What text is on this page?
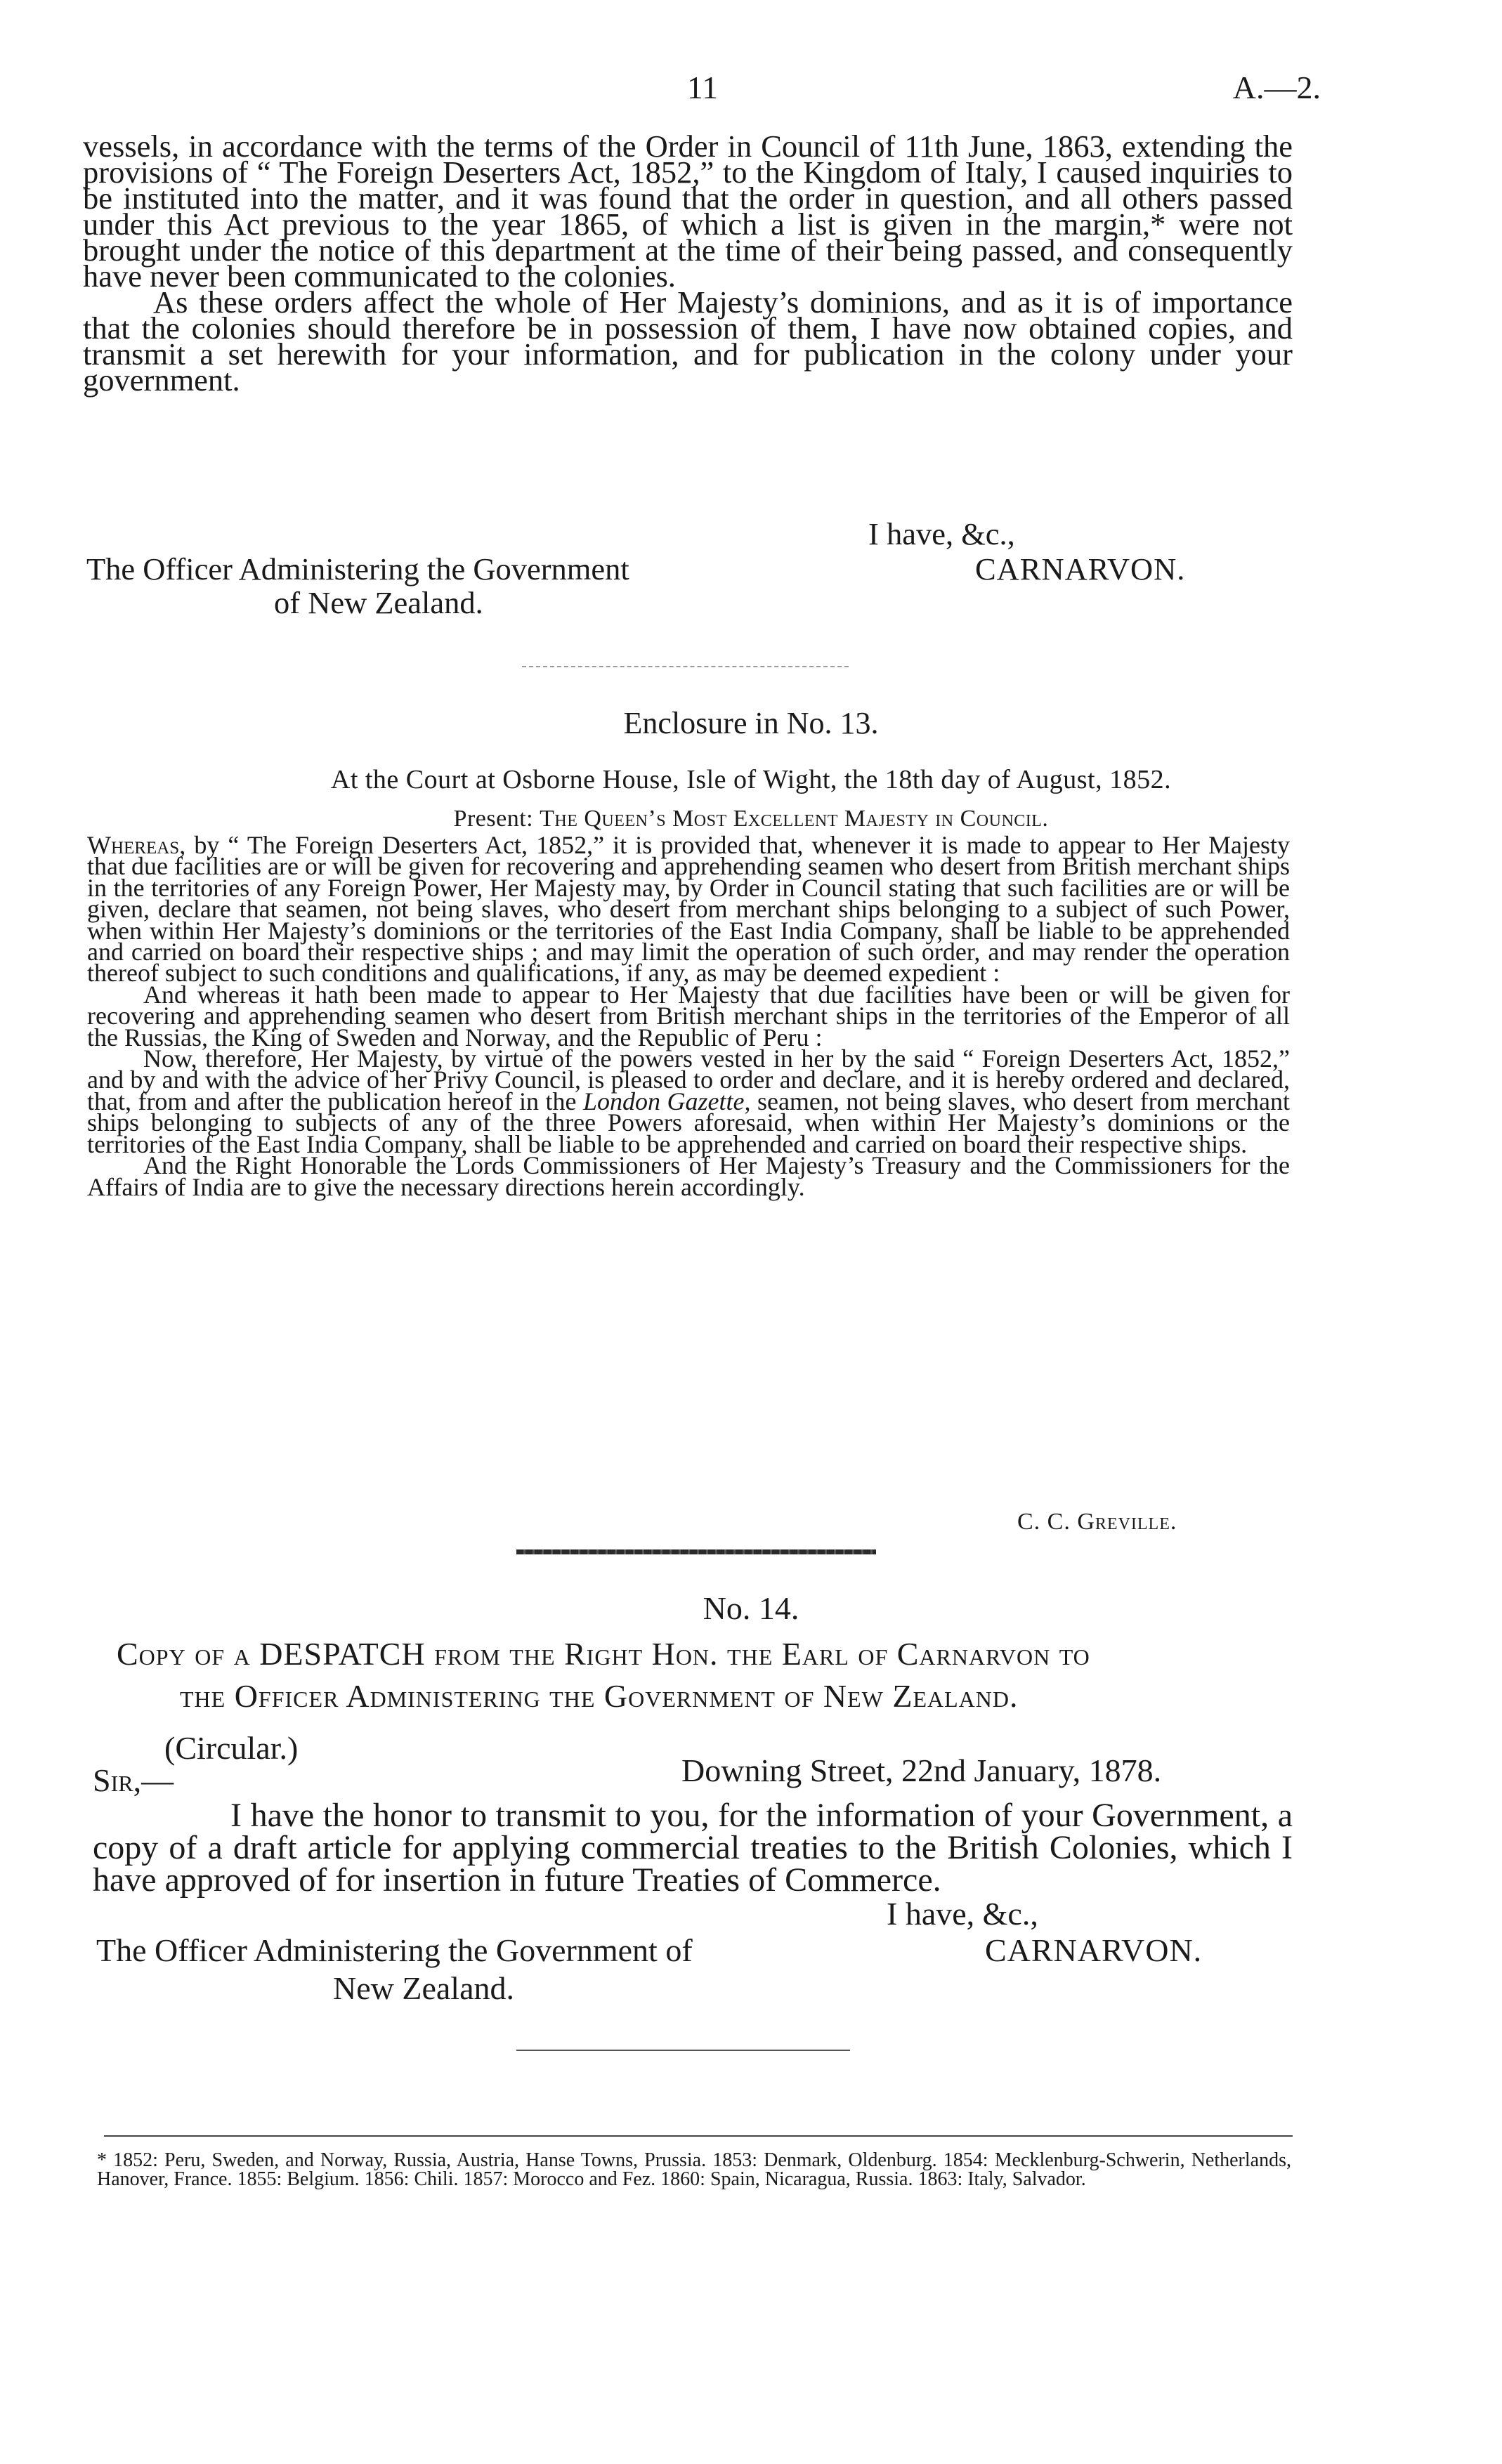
11	A.—2.

vessels, in accordance with the terms of the Order in Council of 11th June, 1863, extending the provisions of “ The Foreign Deserters Act, 1852,” to the Kingdom of Italy, I caused inquiries to be instituted into the matter, and it was found that the order in question, and all others passed under this Act previous to the year 1865, of which a list is given in the margin,* were not brought under the notice of this department at the time of their being passed, and consequently have never been communicated to the colonies.

As these orders affect the whole of Her Majesty’s dominions, and as it is of importance that the colonies should therefore be in possession of them, I have now obtained copies, and transmit a set herewith for your information, and for publication in the colony under your government.

I have, &c.,
The Officer Administering the Government	CARNARVON.
of New Zealand.
Enclosure in No. 13.
At the Court at Osborne House, Isle of Wight, the 18th day of August, 1852.
Present: The Queen’s Most Excellent Majesty in Council.

Whereas, by “ The Foreign Deserters Act, 1852,” it is provided that, whenever it is made to appear to Her Majesty that due facilities are or will be given for recovering and apprehending seamen who desert from British merchant ships in the territories of any Foreign Power, Her Majesty may, by Order in Council stating that such facilities are or will be given, declare that seamen, not being slaves, who desert from merchant ships belonging to a subject of such Power, when within Her Majesty’s dominions or the territories of the East India Company, shall be liable to be apprehended and carried on board their respective ships ; and may limit the operation of such order, and may render the operation thereof subject to such conditions and qualifications, if any, as may be deemed expedient :

And whereas it hath been made to appear to Her Majesty that due facilities have been or will be given for recovering and apprehending seamen who desert from British merchant ships in the territories of the Emperor of all the Russias, the King of Sweden and Norway, and the Republic of Peru :

Now, therefore, Her Majesty, by virtue of the powers vested in her by the said “ Foreign Deserters Act, 1852,” and by and with the advice of her Privy Council, is pleased to order and declare, and it is hereby ordered and declared, that, from and after the publication hereof in the London Gazette, seamen, not being slaves, who desert from merchant ships belonging to subjects of any of the three Powers aforesaid, when within Her Majesty’s dominions or the territories of the East India Company, shall be liable to be apprehended and carried on board their respective ships.

And the Right Honorable the Lords Commissioners of Her Majesty’s Treasury and the Commissioners for the Affairs of India are to give the necessary directions herein accordingly.

C. C. Greville.
No. 14.
Copy of a DESPATCH from the Right Hon. the Earl of Carnarvon to
the Officer Administering the Government of New Zealand.
(Circular.)
Sir,—	Downing Street, 22nd January, 1878.
I have the honor to transmit to you, for the information of your Government, a copy of a draft article for applying commercial treaties to the British Colonies, which I have approved of for insertion in future Treaties of Commerce.
I have, &c.,
The Officer Administering the Government of	CARNARVON.
New Zealand.
* 1852: Peru, Sweden, and Norway, Russia, Austria, Hanse Towns, Prussia. 1853: Denmark, Oldenburg. 1854: Mecklenburg-Schwerin, Netherlands, Hanover, France. 1855: Belgium. 1856: Chili. 1857: Morocco and Fez. 1860: Spain, Nicaragua, Russia. 1863: Italy, Salvador.
